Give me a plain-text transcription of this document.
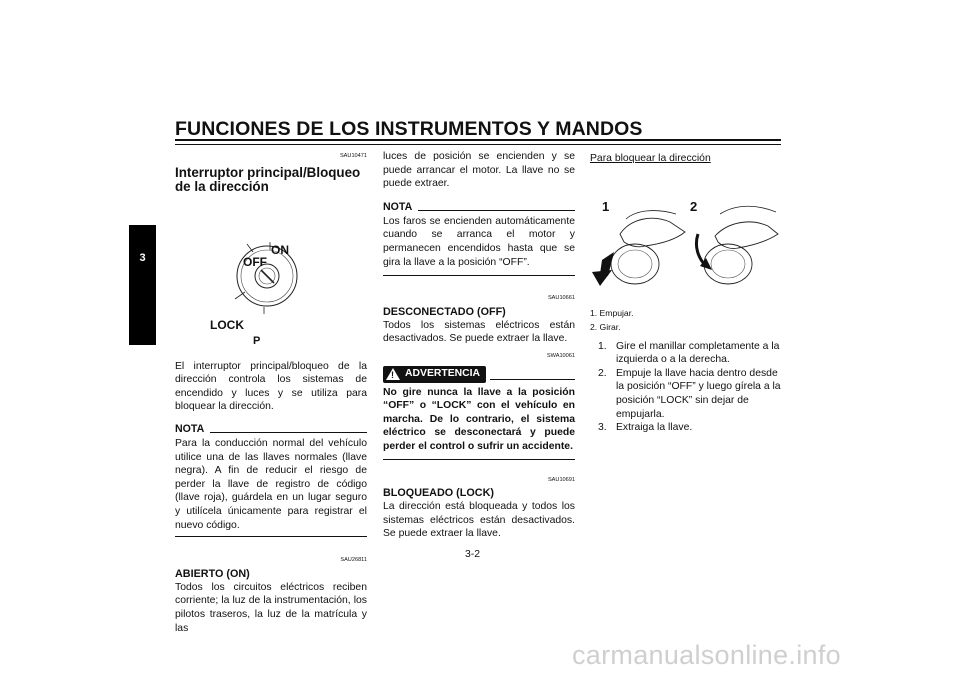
FUNCIONES DE LOS INSTRUMENTOS Y MANDOS
3
SAU10471
Interruptor principal/Bloqueo de la dirección
ON
OFF
LOCK
P
El interruptor principal/bloqueo de la dirección controla los sistemas de encendido y luces y se utiliza para bloquear la dirección.
NOTA
Para la conducción normal del vehículo utilice una de las llaves normales (llave negra). A fin de reducir el riesgo de perder la llave de registro de código (llave roja), guárdela en un lugar seguro y utilícela únicamente para registrar el nuevo código.
SAU26811
ABIERTO (ON)
Todos los circuitos eléctricos reciben corriente; la luz de la instrumentación, los pilotos traseros, la luz de la matrícula y las
luces de posición se encienden y se puede arrancar el motor. La llave no se puede extraer.
NOTA
Los faros se encienden automáticamente cuando se arranca el motor y permanecen encendidos hasta que se gira la llave a la posición “OFF”.
SAU10661
DESCONECTADO (OFF)
Todos los sistemas eléctricos están desactivados. Se puede extraer la llave.
SWA10061
! ADVERTENCIA
No gire nunca la llave a la posición “OFF” o “LOCK” con el vehículo en marcha. De lo contrario, el sistema eléctrico se desconectará y puede perder el control o sufrir un accidente.
SAU10691
BLOQUEADO (LOCK)
La dirección está bloqueada y todos los sistemas eléctricos están desactivados. Se puede extraer la llave.
Para bloquear la dirección
1	2
1. Empujar.
2. Girar.
1. Gire el manillar completamente a la izquierda o a la derecha.
2. Empuje la llave hacia dentro desde la posición “OFF” y luego gírela a la posición “LOCK” sin dejar de empujarla.
3. Extraiga la llave.
3-2
carmanualsonline.info
